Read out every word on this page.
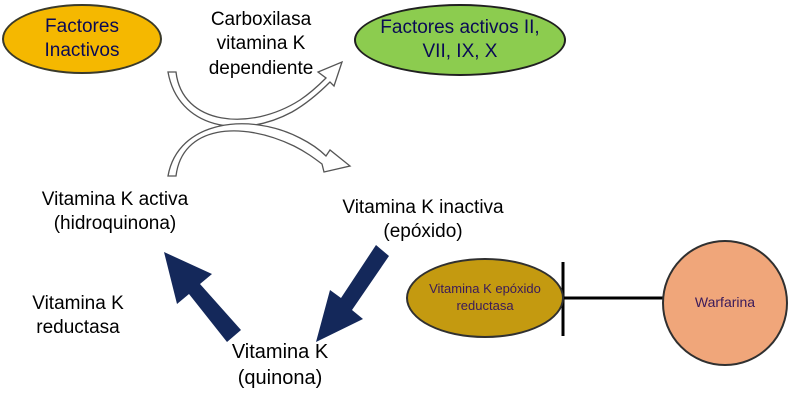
Factores
Inactivos
Carboxilasa
vitamina K
dependiente
Factores activos II,
VII, IX, X
Vitamina K activa
(hidroquinona)
Vitamina K inactiva
(epóxido)
Vitamina K
reductasa
Vitamina K
(quinona)
Vitamina K epóxido
reductasa	Warfarina
